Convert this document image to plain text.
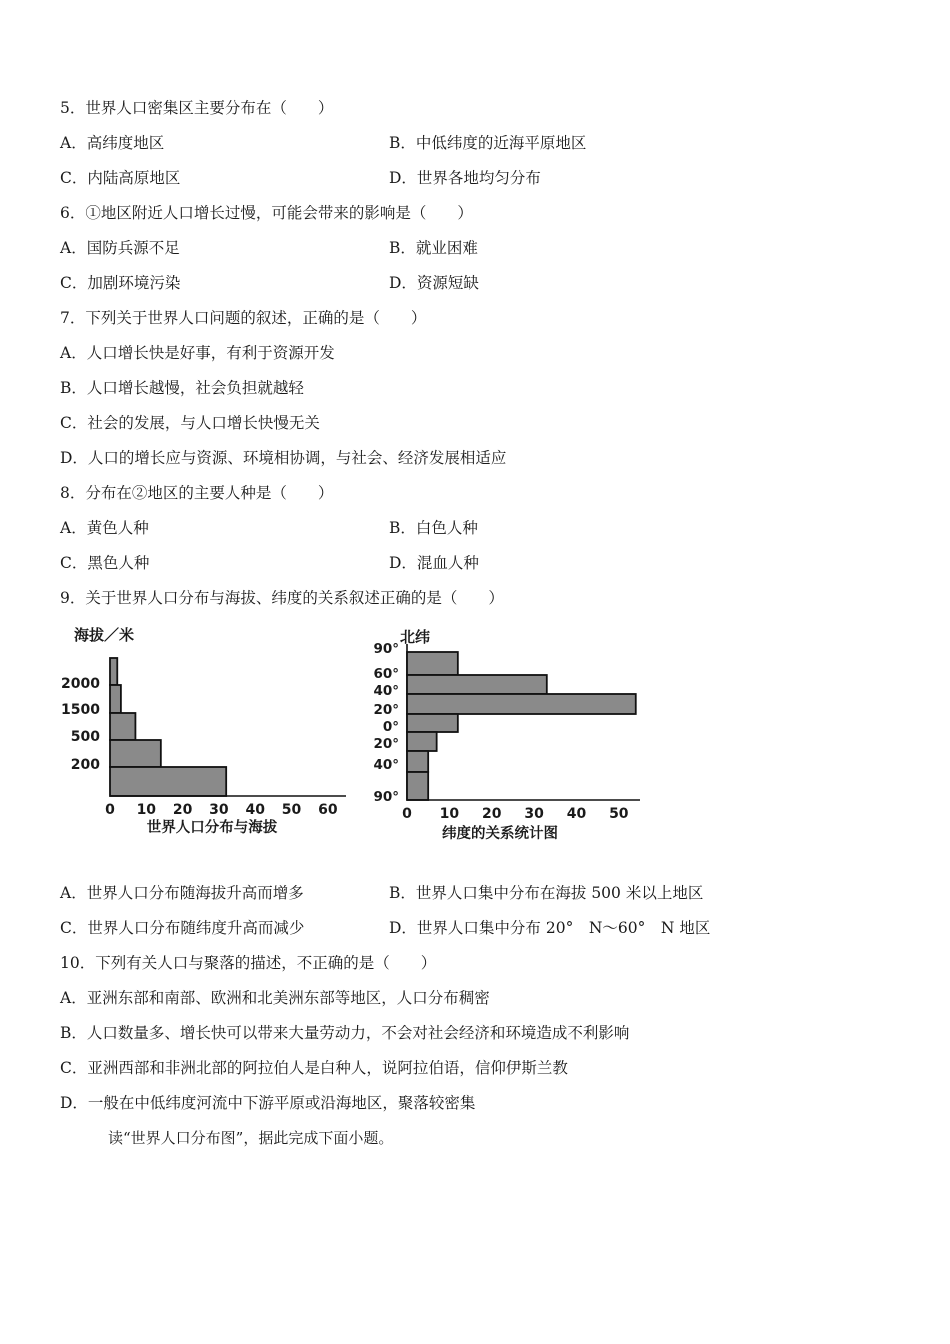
5．世界人口密集区主要分布在（　　）
A．高纬度地区	B．中低纬度的近海平原地区
C．内陆高原地区	D．世界各地均匀分布
6．①地区附近人口增长过慢，可能会带来的影响是（　　）
A．国防兵源不足	B．就业困难
C．加剧环境污染	D．资源短缺
7．下列关于世界人口问题的叙述，正确的是（　　）
A．人口增长快是好事，有利于资源开发
B．人口增长越慢，社会负担就越轻
C．社会的发展，与人口增长快慢无关
D．人口的增长应与资源、环境相协调，与社会、经济发展相适应
8．分布在②地区的主要人种是（　　）
A．黄色人种	B．白色人种
C．黑色人种	D．混血人种
9．关于世界人口分布与海拔、纬度的关系叙述正确的是（　　）
海拔／米
2000
1500
500
200
0 10 20 30 40 50 60
世界人口分布与海拔
北纬
90°
60°
40°
20°
0°
20°
40°
90°
0 10 20 30 40 50
纬度的关系统计图
A．世界人口分布随海拔升高而增多	B．世界人口集中分布在海拔 500 米以上地区
C．世界人口分布随纬度升高而减少	D．世界人口集中分布 20°　N～60°　N 地区
10．下列有关人口与聚落的描述，不正确的是（　　）
A．亚洲东部和南部、欧洲和北美洲东部等地区，人口分布稠密
B．人口数量多、增长快可以带来大量劳动力，不会对社会经济和环境造成不利影响
C．亚洲西部和非洲北部的阿拉伯人是白种人，说阿拉伯语，信仰伊斯兰教
D．一般在中低纬度河流中下游平原或沿海地区，聚落较密集
读“世界人口分布图”，据此完成下面小题。
